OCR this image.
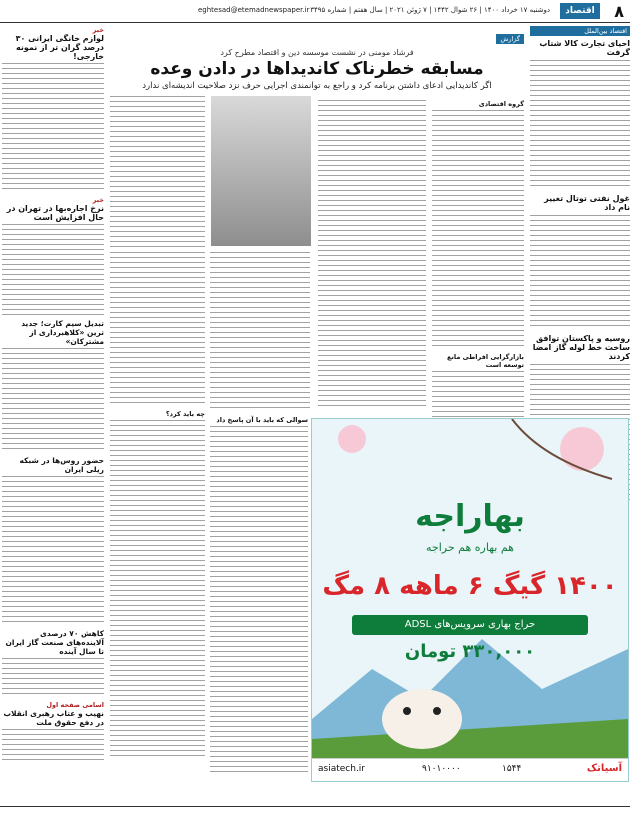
۸
اقتصاد
دوشنبه ۱۷ خرداد ۱۴۰۰ | ۲۶ شوال ۱۴۴۲ | ۷ ژوئن ۲۰۲۱ | سال هفتم | شماره ۳۴۹۵
eghtesad@etemadnewspaper.ir
اقتصاد بین‌الملل
احیای تجارت کالا شتاب گرفت
غول نفتی توتال تغییر نام داد
روسیه و پاکستان توافق ساخت خط لوله گاز امضا کردند
گزارش
فرشاد مومنی در نشست موسسه دین و اقتصاد مطرح کرد
مسابقه خطرناک کاندیداها در دادن وعده
اگر کاندیدایی ادعای داشتن برنامه کرد و راجع به توانمندی اجرایی حرف نزد صلاحیت اندیشه‌ای ندارد
گروه اقتصادی
بازارگرایی افراطی مانع توسعه است
چه باید کرد؟
سوالی که باید با آن پاسخ داد
خبر
لوازم خانگی ایرانی ۳۰ درصد گران تر از نمونه خارجی!
خبر
نرخ اجاره‌بها در تهران در حال افزایش است
تبدیل سیم کارت؛ جدید ترین «کلاهبرداری از مشترکان»
حضور روس‌ها در شبکه ریلی ایران
کاهش ۷۰ درصدی آلاینده‌های صنعت گاز ایران تا سال آینده
اسامی صفحه اول
نهیب و عتاب رهبری انقلاب در دفع حقوق ملت
بهاراجه
هم بهاره هم حراجه
۱۴۰۰ گیگ ۶ ماهه ۸ مگ
حراج بهاری سرویس‌های ADSL
۳۳۰,۰۰۰ تومان
asiatech.ir	۹۱۰۱۰۰۰۰	۱۵۴۴	آسیاتک
